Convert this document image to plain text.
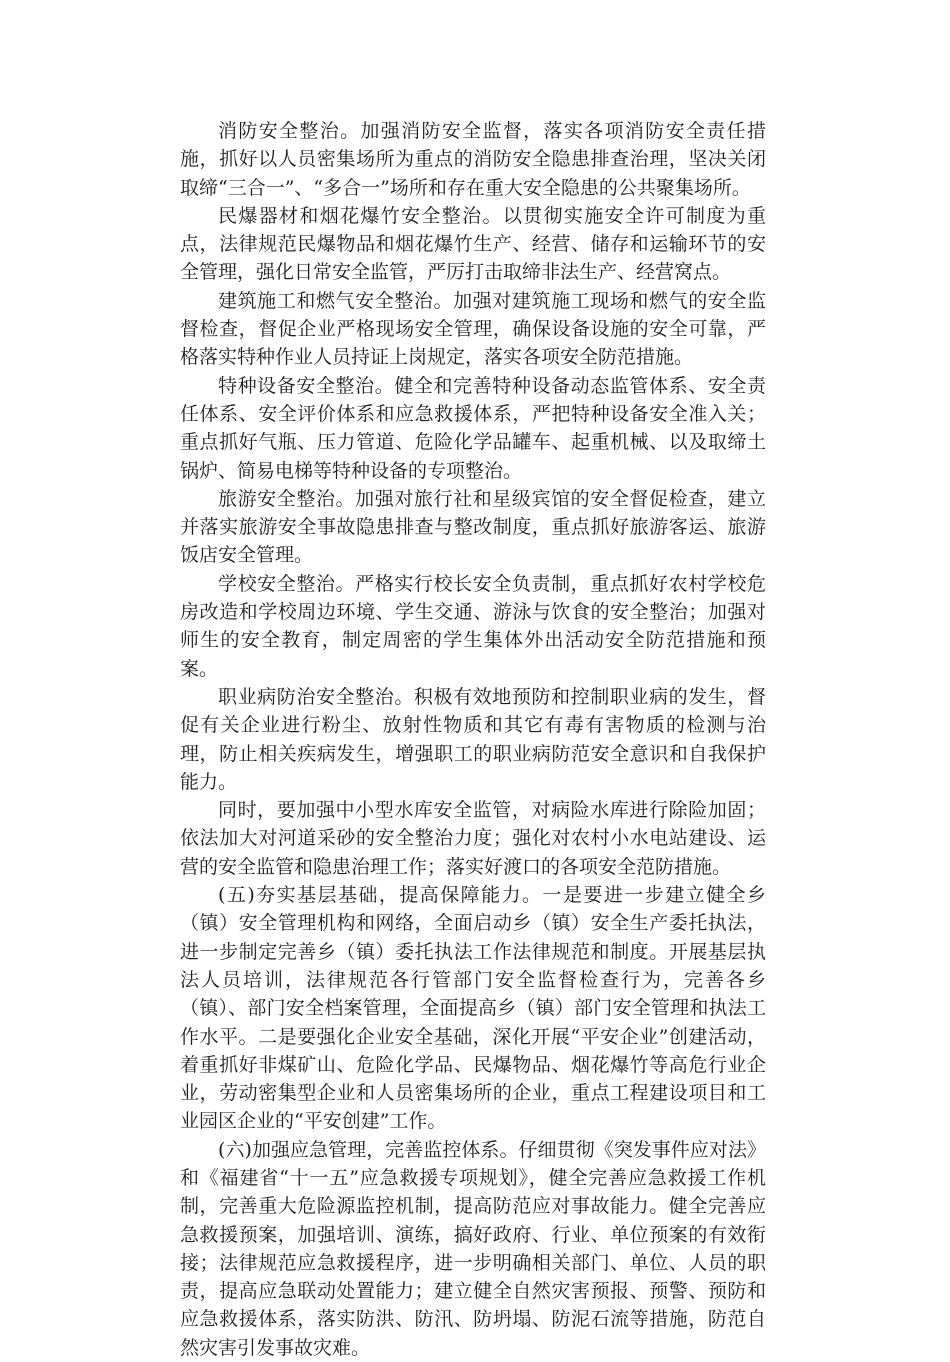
消防安全整治。加强消防安全监督，落实各项消防安全责任措施，抓好以人员密集场所为重点的消防安全隐患排查治理，坚决关闭取缔“三合一”、“多合一”场所和存在重大安全隐患的公共聚集场所。

民爆器材和烟花爆竹安全整治。以贯彻实施安全许可制度为重点，法律规范民爆物品和烟花爆竹生产、经营、储存和运输环节的安全管理，强化日常安全监管，严厉打击取缔非法生产、经营窝点。

建筑施工和燃气安全整治。加强对建筑施工现场和燃气的安全监督检查，督促企业严格现场安全管理，确保设备设施的安全可靠，严格落实特种作业人员持证上岗规定，落实各项安全防范措施。

特种设备安全整治。健全和完善特种设备动态监管体系、安全责任体系、安全评价体系和应急救援体系，严把特种设备安全准入关；重点抓好气瓶、压力管道、危险化学品罐车、起重机械、以及取缔土锅炉、简易电梯等特种设备的专项整治。

旅游安全整治。加强对旅行社和星级宾馆的安全督促检查，建立并落实旅游安全事故隐患排查与整改制度，重点抓好旅游客运、旅游饭店安全管理。

学校安全整治。严格实行校长安全负责制，重点抓好农村学校危房改造和学校周边环境、学生交通、游泳与饮食的安全整治；加强对师生的安全教育，制定周密的学生集体外出活动安全防范措施和预案。

职业病防治安全整治。积极有效地预防和控制职业病的发生，督促有关企业进行粉尘、放射性物质和其它有毒有害物质的检测与治理，防止相关疾病发生，增强职工的职业病防范安全意识和自我保护能力。

同时，要加强中小型水库安全监管，对病险水库进行除险加固；依法加大对河道采砂的安全整治力度；强化对农村小水电站建设、运营的安全监管和隐患治理工作；落实好渡口的各项安全范防措施。

(五)夯实基层基础，提高保障能力。一是要进一步建立健全乡（镇）安全管理机构和网络，全面启动乡（镇）安全生产委托执法，进一步制定完善乡（镇）委托执法工作法律规范和制度。开展基层执法人员培训，法律规范各行管部门安全监督检查行为，完善各乡（镇）、部门安全档案管理，全面提高乡（镇）部门安全管理和执法工作水平。二是要强化企业安全基础，深化开展“平安企业”创建活动，着重抓好非煤矿山、危险化学品、民爆物品、烟花爆竹等高危行业企业，劳动密集型企业和人员密集场所的企业，重点工程建设项目和工业园区企业的“平安创建”工作。

(六)加强应急管理，完善监控体系。仔细贯彻《突发事件应对法》和《福建省“十一五”应急救援专项规划》，健全完善应急救援工作机制，完善重大危险源监控机制，提高防范应对事故能力。健全完善应急救援预案，加强培训、演练，搞好政府、行业、单位预案的有效衔接；法律规范应急救援程序，进一步明确相关部门、单位、人员的职责，提高应急联动处置能力；建立健全自然灾害预报、预警、预防和应急救援体系，落实防洪、防汛、防坍塌、防泥石流等措施，防范自然灾害引发事故灾难。
